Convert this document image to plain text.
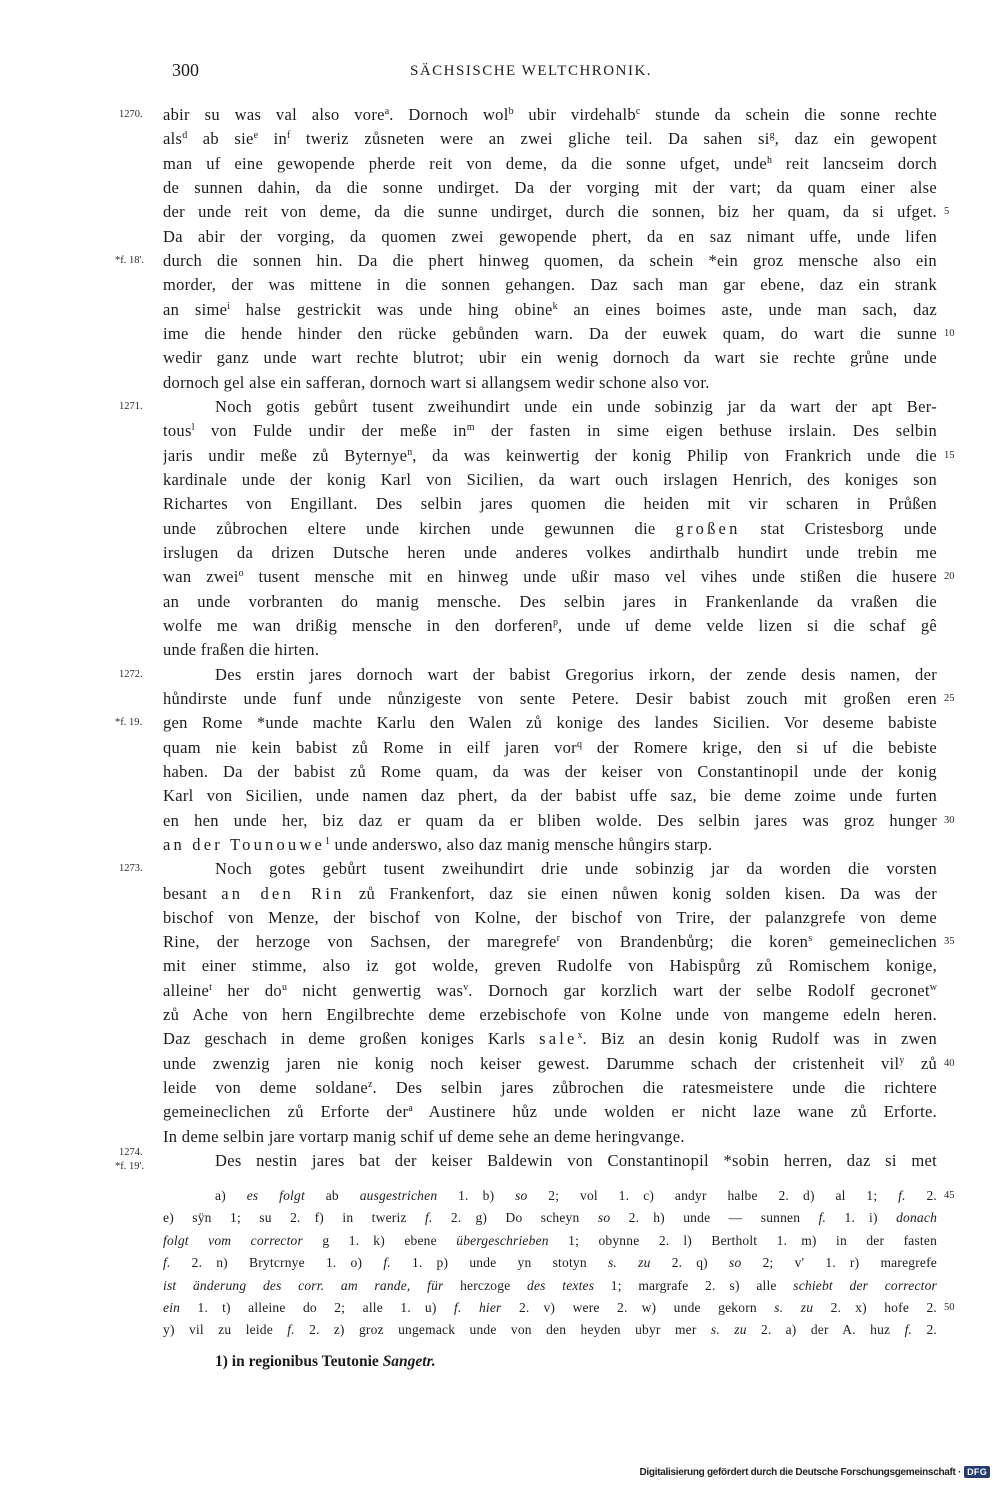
300	SÄCHSISCHE WELTCHRONIK.
1270. abir su was val also vore$^a$. Dornoch wol$^b$ ubir virdehalb$^c$ stunde da schein die sonne rechte
als$^d$ ab sie$^e$ $in^f$ tweriz zůsneten were an zwei gliche teil. Da sahen $si^g$, daz ein gewopent
man uf eine gewopende pherde reit von deme, da die sonne ufget, unde$^h$ reit lancseim dorch
de sunnen dahin, da die sonne undirget. Da der vorging mit der vart; da quam einer alse
5
der unde reit von deme, da die sunne undirget, durch die sonnen, biz her quam, da si ufget.
Da abir der vorging, da quomen zwei gewopende phert, da en saz nimant uffe, unde lifen
*f. 18'. durch die sonnen hin. Da die phert hinweg quomen, da schein *ein groz mensche also ein
morder, der was mittene in die sonnen gehangen. Daz sach man gar ebene, daz ein strank
an sime$^i$ halse gestrickit was unde hing obine$^k$ an eines boimes aste, unde man sach, daz
10
ime die hende hinder den rücke gebůnden warn. Da der euwek quam, do wart die sunne
wedir ganz unde wart rechte blutrot; ubir ein wenig dornoch da wart sie rechte grůne unde
dornoch gel alse ein safferan, dornoch wart si allangsem wedir schone also vor.
1271.	Noch gotis gebůrt tusent zweihundirt unde ein unde sobinzig jar da wart der apt Ber-
tous$^l$ von Fulde undir der meße $in^m$ der fasten in sime eigen bethuse irslain. Des selbin
15
jaris undir meße zů Byternye$^n$, da was keinwertig der konig Philip von Frankrich unde die
kardinale unde der konig Karl von Sicilien, da wart ouch irslagen Henrich, des koniges son
Richartes von Engillant. Des selbin jares quomen die heiden mit vir scharen in Průßen
unde zůbrochen eltere unde kirchen unde gewunnen die großen stat Cristesborg unde
irslugen da drizen Dutsche heren unde anderes volkes andirthalb hundirt unde trebin me
20
wan zwei$^o$ tusent mensche mit en hinweg unde ußir maso vel vihes unde stißen die husere
an unde vorbranten do manig mensche. Des selbin jares in Frankenlande da vraßen die
wolfe me wan drißig mensche in den dorferen$^p$, unde uf deme velde lizen si die schaf gê
unde fraßen die hirten.
1272.	Des erstin jares dornoch wart der babist Gregorius irkorn, der zende desis namen, der
25
hůndirste unde funf unde nůnzigeste von sente Petere. Desir babist zouch mit großen eren
*f. 19. gen Rome *unde machte Karlu den Walen zů konige des landes Sicilien. Vor deseme babiste
quam nie kein babist zů Rome in eilf jaren vor$^q$ der Romere krige, den si uf die bebiste
haben. Da der babist zů Rome quam, da was der keiser von Constantinopil unde der konig
Karl von Sicilien, unde namen daz phert, da der babist uffe saz, bie deme zoime unde furten
30
en hen unde her, biz daz er quam da er bliben wolde. Des selbin jares was groz hunger
an der Tounouwe$^1$ unde anderswo, also daz manig mensche hůngirs starp.
1273.	Noch gotes gebůrt tusent zweihundirt drie unde sobinzig jar da worden die vorsten
besant an den Rin zů Frankenfort, daz sie einen nůwen konig solden kisen. Da was der
bischof von Menze, der bischof von Kolne, der bischof von Trire, der palanzgrefe von deme
35
Rine, der herzoge von Sachsen, der maregrefe$^r$ von Brandenbůrg; die koren$^s$ gemeineclichen
mit einer stimme, also iz got wolde, greven Rudolfe von Habispůrg zů Romischem konige,
alleine$^t$ her $do^u$ nicht genwertig was$^v$. Dornoch gar korzlich wart der selbe Rodolf gecronet$^w$
zů Ache von hern Engilbrechte deme erzebischofe von Kolne unde von mangeme edeln heren.
Daz geschach in deme großen koniges Karls sale$^x$. Biz an desin konig Rudolf was in zwen
40
unde zwenzig jaren nie konig noch keiser gewest. Darumme schach der cristenheit vil$^y$ zů
leide von deme soldane$^z$. Des selbin jares zůbrochen die ratesmeistere unde die richtere
gemeineclichen zů Erforte der$^a$ Austinere hůz unde wolden er nicht laze wane zů Erforte.
In deme selbin jare vortarp manig schif uf deme sehe an deme heringvange.
1274.
*f. 19'.	Des nestin jares bat der keiser Baldewin von Constantinopil *sobin herren, daz si met
45
a) es folgt ab ausgestrichen 1. b) so 2; vol 1. c) andyr halbe 2. d) al 1; f. 2.
e) sÿn 1; su 2. f) in tweriz f. 2. g) Do scheyn so 2. h) unde — sunnen f. 1. i) donach
folgt vom corrector g 1. k) ebene übergeschrieben 1; obynne 2. l) Bertholt 1. m) in der fasten
f. 2. n) Brytcrnye 1. o) f. 1. p) unde yn stotyn s. zu 2. q) so 2; v' 1. r) maregrefe
ist änderung des corr. am rande, für herczoge des textes 1; margrafe 2. s) alle schiebt der corrector
50
ein 1. t) alleine do 2; alle 1. u) f. hier 2. v) were 2. w) unde gekorn s. zu 2. x) hofe 2.
y) vil zu leide f. 2. z) groz ungemack unde von den heyden ubyr mer s. zu 2. a) der A. huz f. 2.
1) in regionibus Teutonie Sangetr.
Digitalisierung gefördert durch die Deutsche Forschungsgemeinschaft · DFG
